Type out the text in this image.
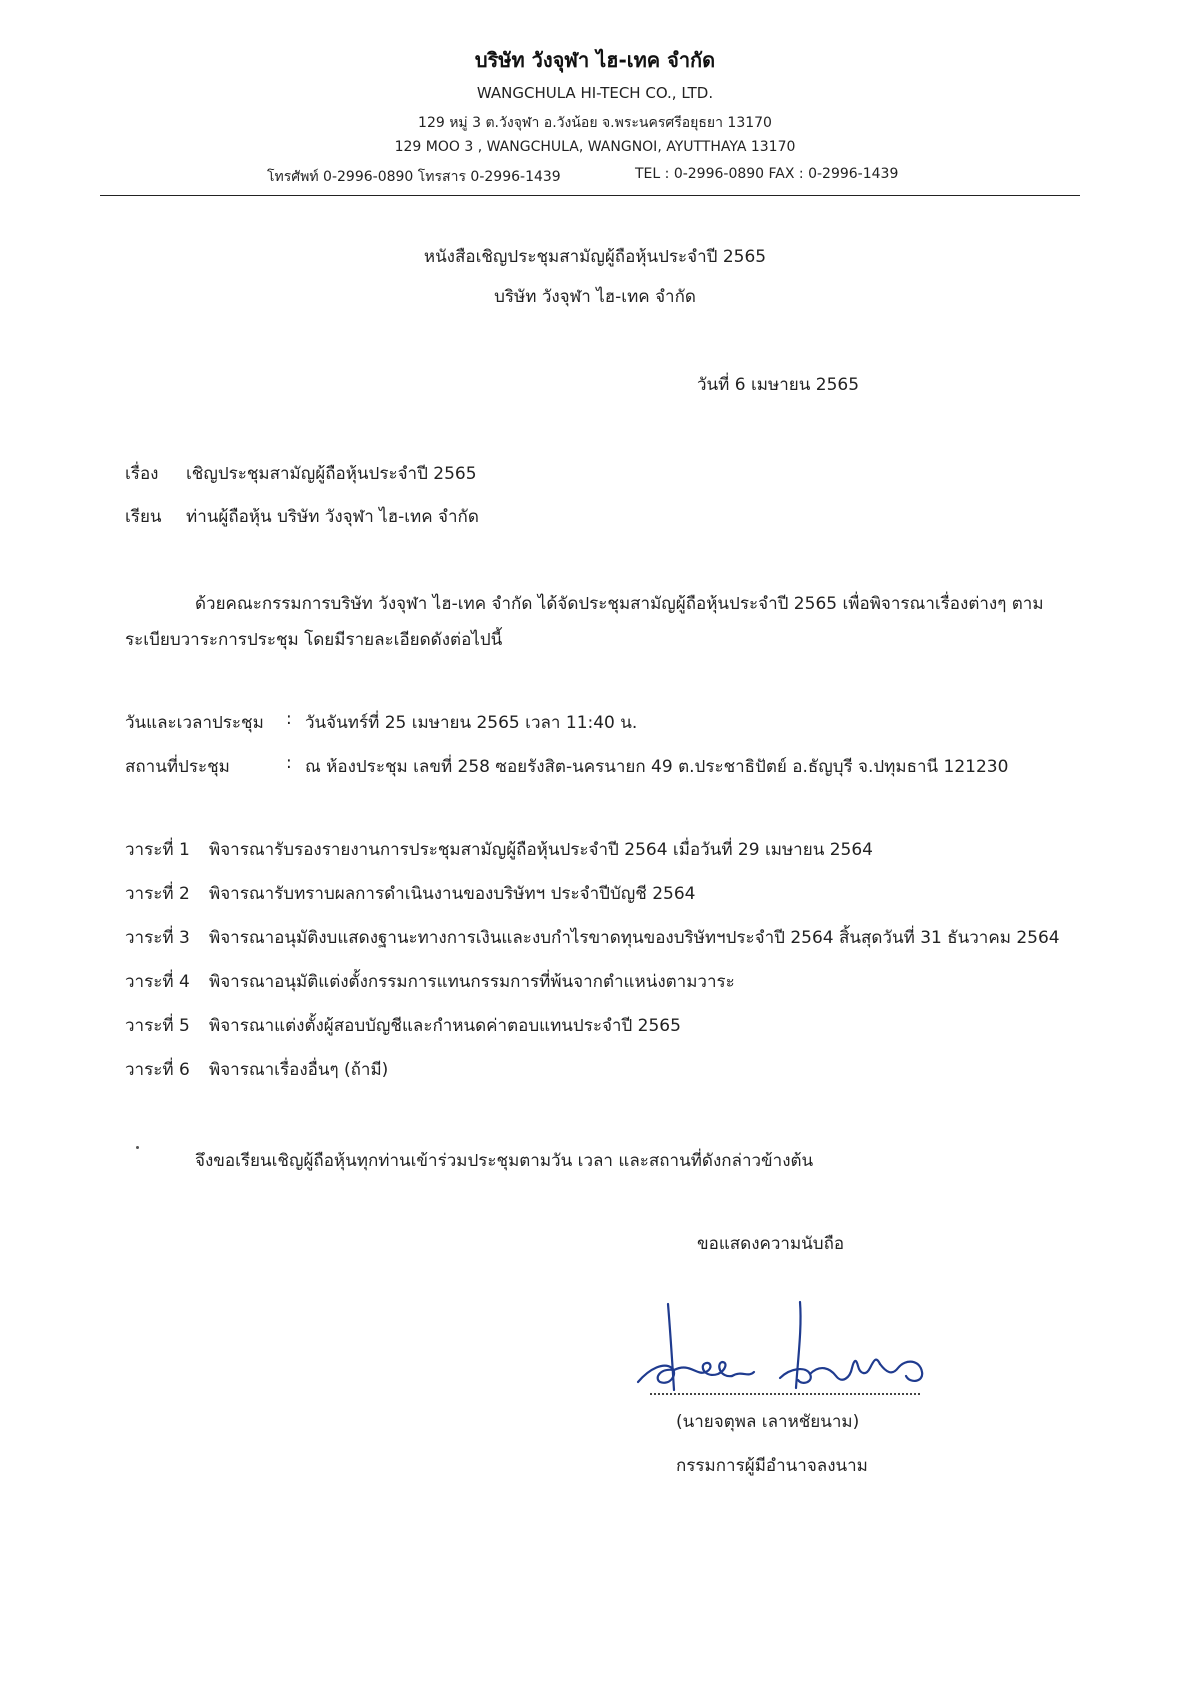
บริษัท วังจุฬา ไฮ-เทค จำกัด
WANGCHULA HI-TECH CO., LTD.
129 หมู่ 3 ต.วังจุฬา อ.วังน้อย จ.พระนครศรีอยุธยา 13170
129 MOO 3 , WANGCHULA, WANGNOI, AYUTTHAYA 13170
โทรศัพท์ 0-2996-0890 โทรสาร 0-2996-1439	TEL : 0-2996-0890 FAX : 0-2996-1439
หนังสือเชิญประชุมสามัญผู้ถือหุ้นประจำปี 2565
บริษัท วังจุฬา ไฮ-เทค จำกัด
วันที่ 6 เมษายน 2565
เรื่อง เชิญประชุมสามัญผู้ถือหุ้นประจำปี 2565
เรียน ท่านผู้ถือหุ้น บริษัท วังจุฬา ไฮ-เทค จำกัด
ด้วยคณะกรรมการบริษัท วังจุฬา ไฮ-เทค จำกัด ได้จัดประชุมสามัญผู้ถือหุ้นประจำปี 2565 เพื่อพิจารณาเรื่องต่างๆ ตาม
ระเบียบวาระการประชุม โดยมีรายละเอียดดังต่อไปนี้
วันและเวลาประชุม : วันจันทร์ที่ 25 เมษายน 2565 เวลา 11:40 น.
สถานที่ประชุม	: ณ ห้องประชุม เลขที่ 258 ซอยรังสิต-นครนายก 49 ต.ประชาธิปัตย์ อ.ธัญบุรี จ.ปทุมธานี 121230
วาระที่ 1 พิจารณารับรองรายงานการประชุมสามัญผู้ถือหุ้นประจำปี 2564 เมื่อวันที่ 29 เมษายน 2564
วาระที่ 2 พิจารณารับทราบผลการดำเนินงานของบริษัทฯ ประจำปีบัญชี 2564
วาระที่ 3 พิจารณาอนุมัติงบแสดงฐานะทางการเงินและงบกำไรขาดทุนของบริษัทฯประจำปี 2564 สิ้นสุดวันที่ 31 ธันวาคม 2564
วาระที่ 4 พิจารณาอนุมัติแต่งตั้งกรรมการแทนกรรมการที่พ้นจากตำแหน่งตามวาระ
วาระที่ 5 พิจารณาแต่งตั้งผู้สอบบัญชีและกำหนดค่าตอบแทนประจำปี 2565
วาระที่ 6 พิจารณาเรื่องอื่นๆ (ถ้ามี)
จึงขอเรียนเชิญผู้ถือหุ้นทุกท่านเข้าร่วมประชุมตามวัน เวลา และสถานที่ดังกล่าวข้างต้น
ขอแสดงความนับถือ
(นายจตุพล เลาหชัยนาม)
กรรมการผู้มีอำนาจลงนาม
